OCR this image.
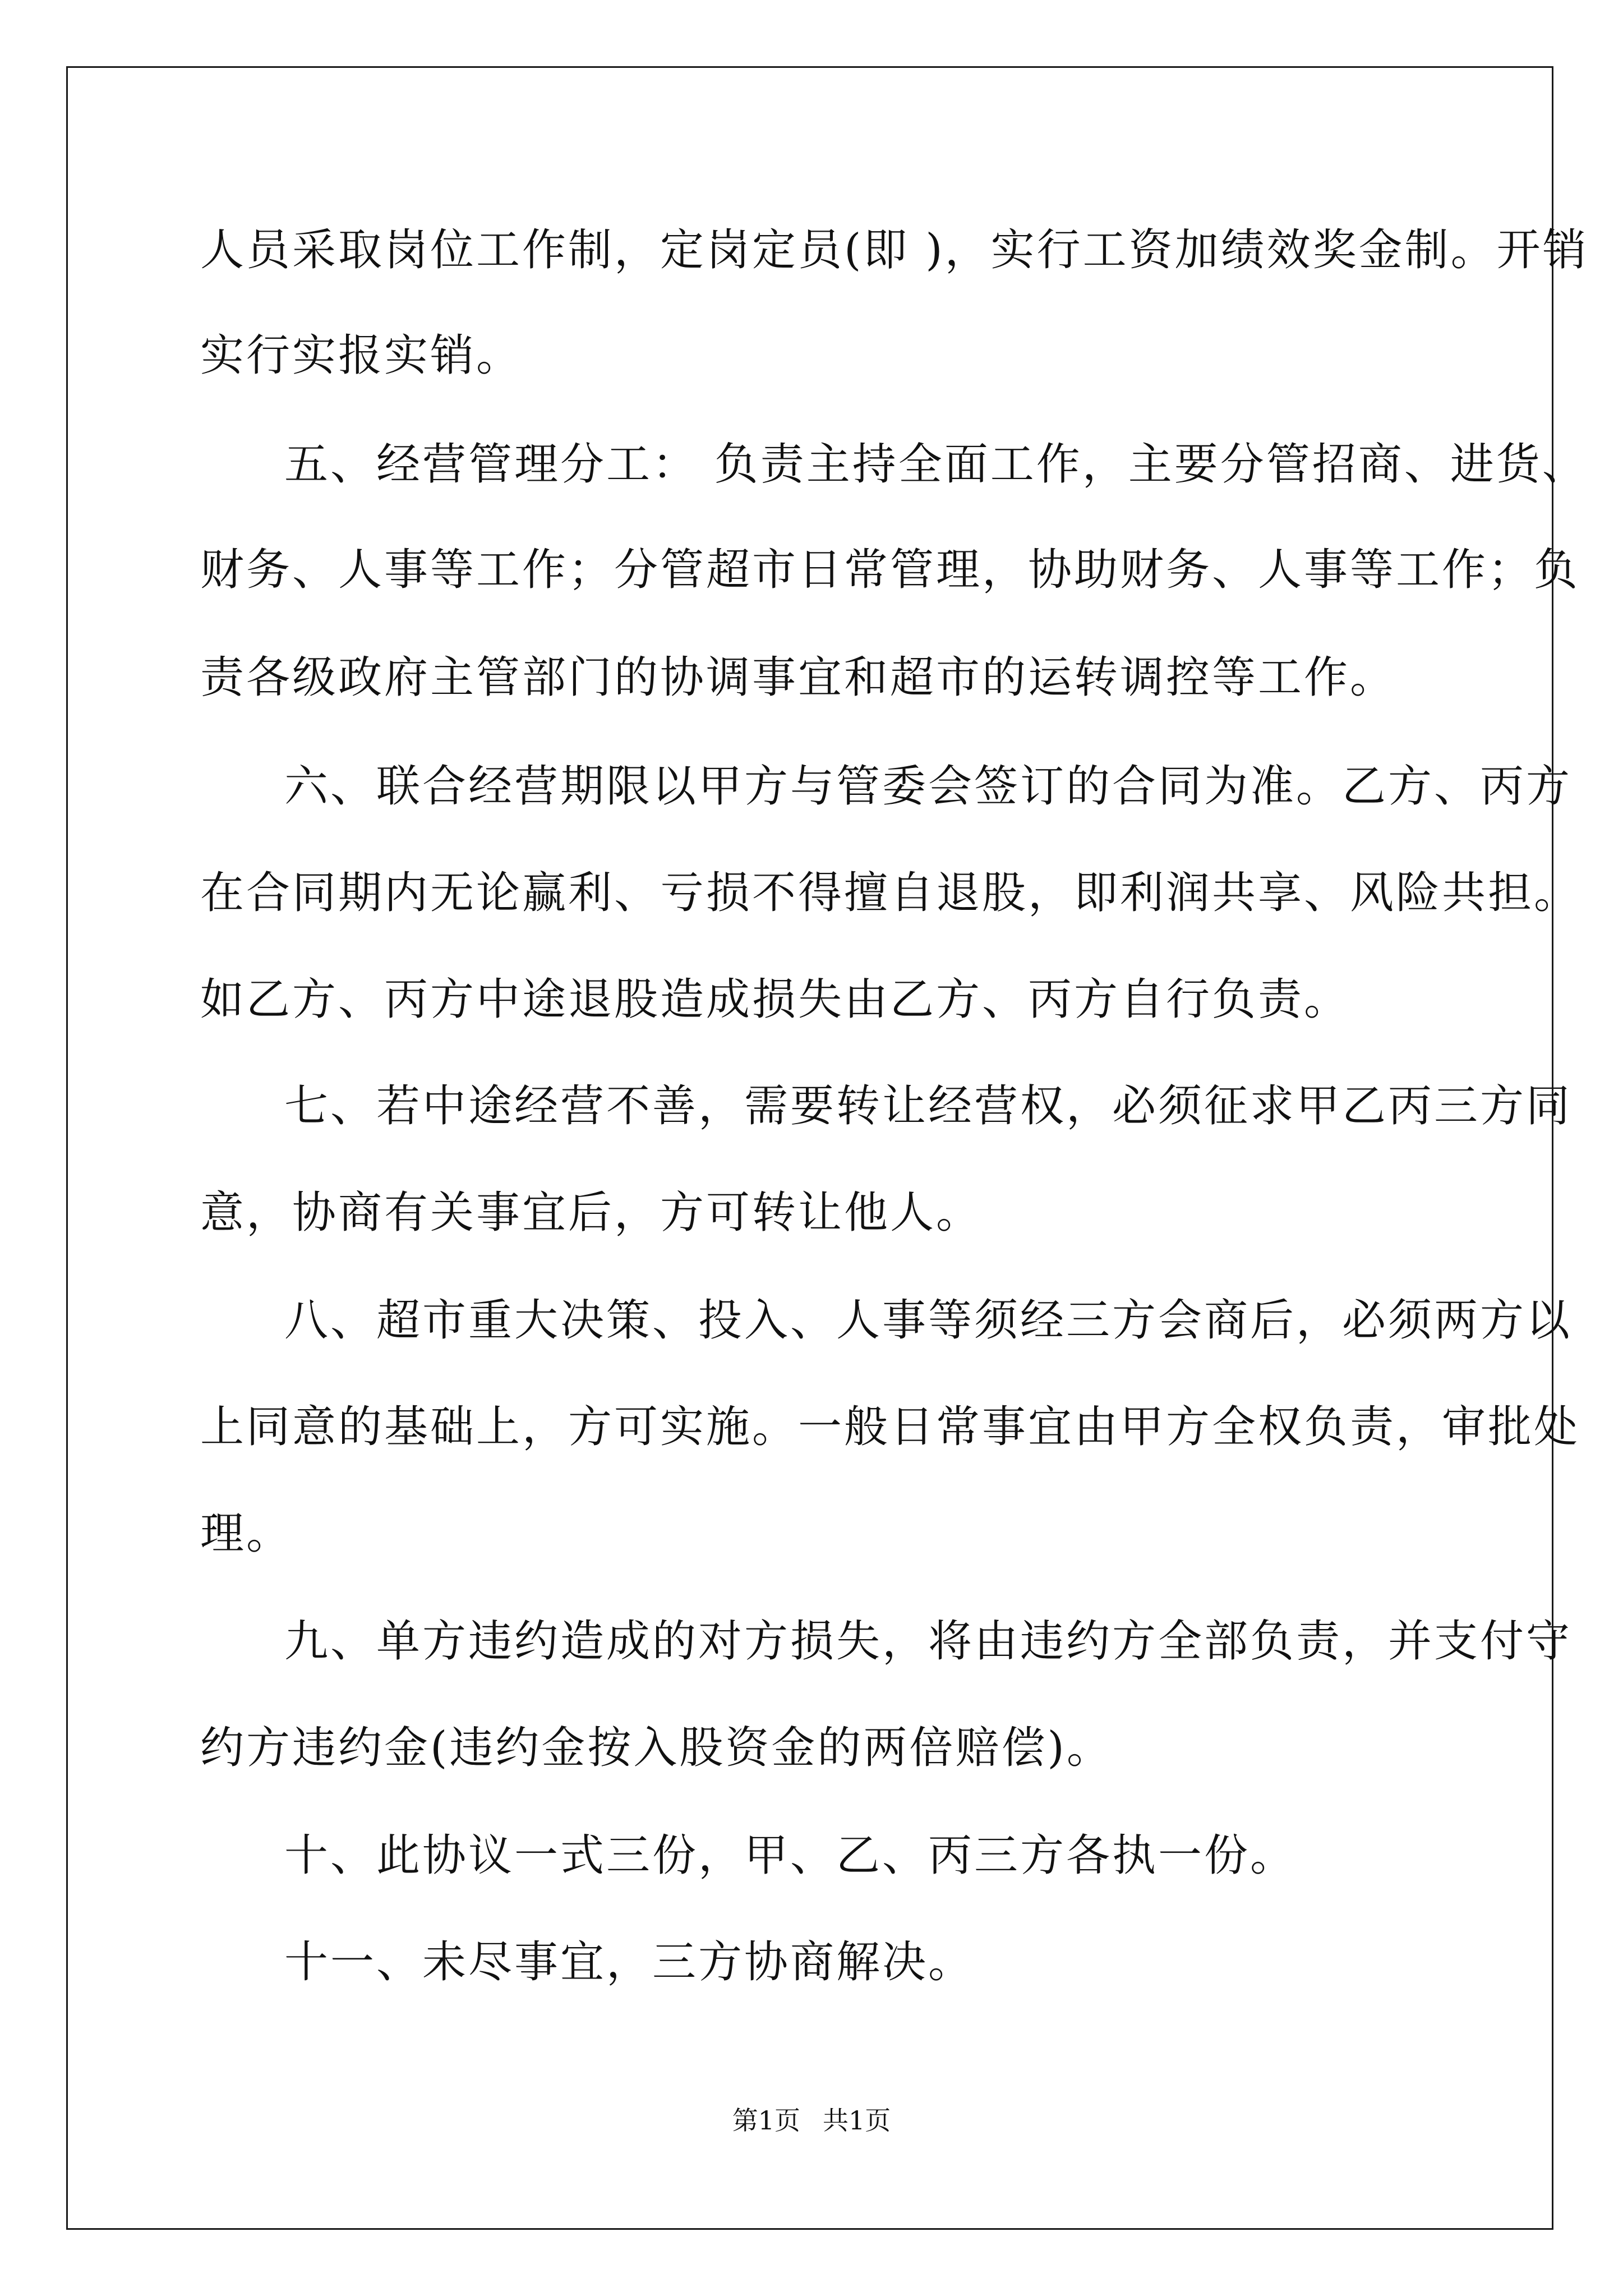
人员采取岗位工作制，定岗定员(即 )，实行工资加绩效奖金制。开销
实行实报实销。
五、经营管理分工： 负责主持全面工作，主要分管招商、进货、
财务、人事等工作；分管超市日常管理，协助财务、人事等工作；负
责各级政府主管部门的协调事宜和超市的运转调控等工作。
六、联合经营期限以甲方与管委会签订的合同为准。乙方、丙方
在合同期内无论赢利、亏损不得擅自退股，即利润共享、风险共担。
如乙方、丙方中途退股造成损失由乙方、丙方自行负责。
七、若中途经营不善，需要转让经营权，必须征求甲乙丙三方同
意，协商有关事宜后，方可转让他人。
八、超市重大决策、投入、人事等须经三方会商后，必须两方以
上同意的基础上，方可实施。一般日常事宜由甲方全权负责，审批处
理。
九、单方违约造成的对方损失，将由违约方全部负责，并支付守
约方违约金(违约金按入股资金的两倍赔偿)。
十、此协议一式三份，甲、乙、丙三方各执一份。
十一、未尽事宜，三方协商解决。
第1页 共1页
